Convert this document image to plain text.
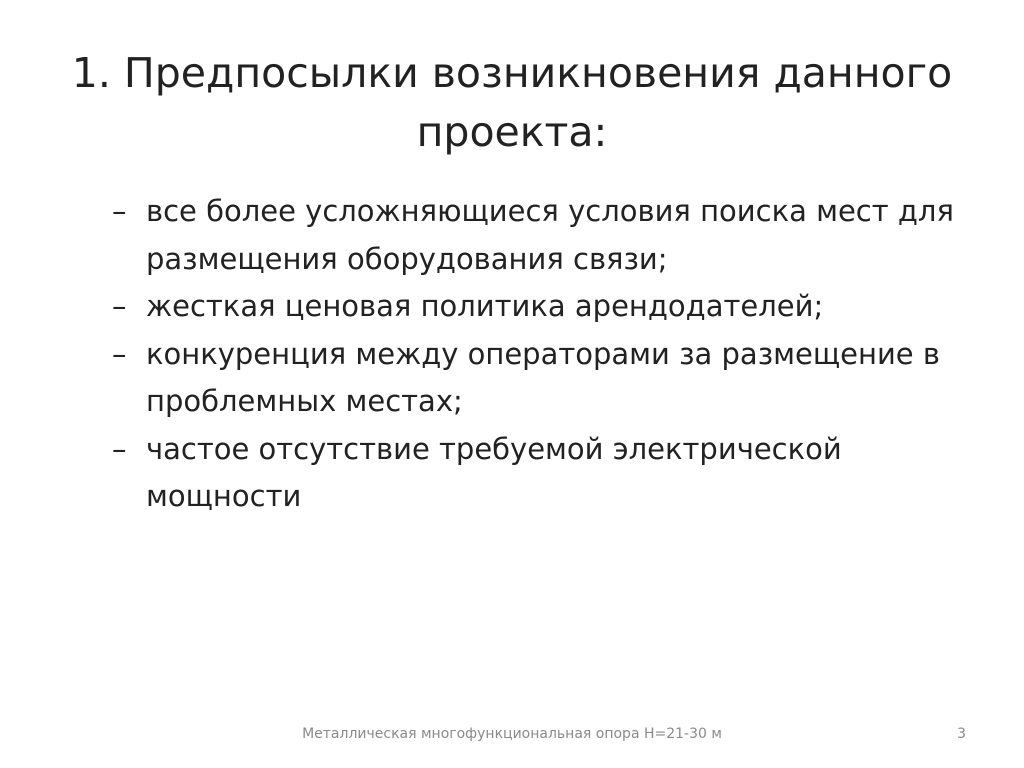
1. Предпосылки возникновения данного проекта:
– все более усложняющиеся условия поиска мест для размещения оборудования связи;
– жесткая ценовая политика арендодателей;
– конкуренция между операторами за размещение в проблемных местах;
– частое отсутствие требуемой электрической мощности
Металлическая многофункциональная опора Н=21-30 м	3
